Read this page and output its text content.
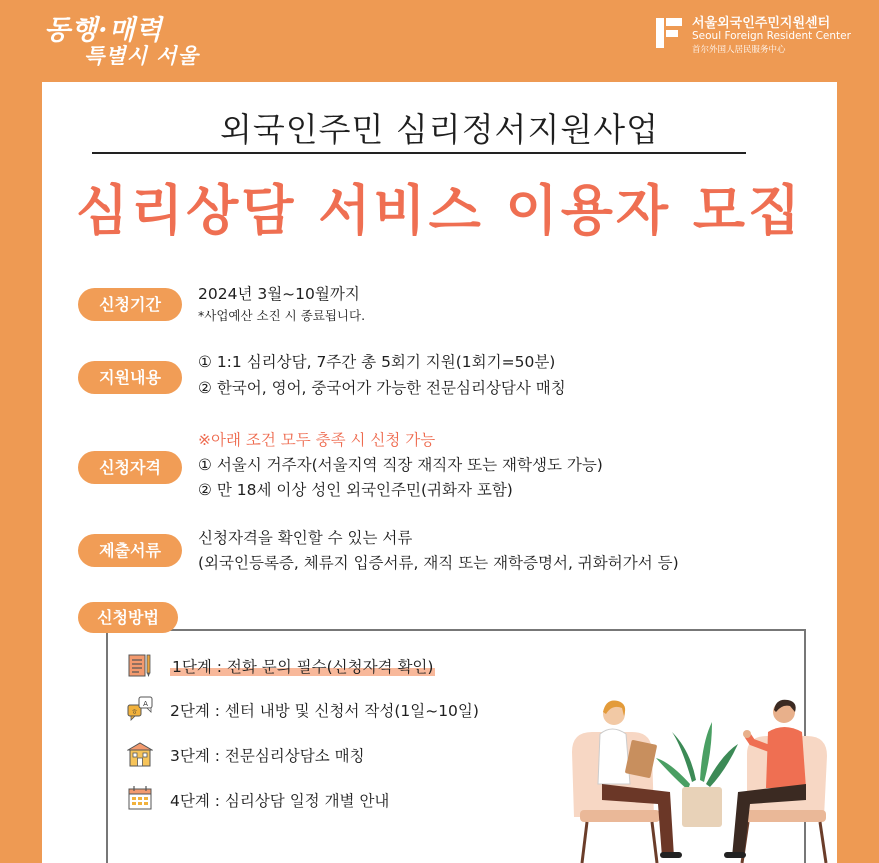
동행·매력
특별시 서울
서울외국인주민지원센터
Seoul Foreign Resident Center
首尔外国人居民服务中心
외국인주민 심리정서지원사업
심리상담 서비스 이용자 모집
신청기간
2024년 3월~10월까지
*사업예산 소진 시 종료됩니다.
지원내용
① 1:1 심리상담, 7주간 총 5회기 지원(1회기=50분)
② 한국어, 영어, 중국어가 가능한 전문심리상담사 매칭
신청자격
※아래 조건 모두 충족 시 신청 가능
① 서울시 거주자(서울지역 직장 재직자 또는 재학생도 가능)
② 만 18세 이상 성인 외국인주민(귀화자 포함)
제출서류
신청자격을 확인할 수 있는 서류
(외국인등록증, 체류지 입증서류, 재직 또는 재학증명서, 귀화허가서 등)
신청방법
1단계 : 전화 문의 필수(신청자격 확인)
ㅎ
A 2단계 : 센터 내방 및 신청서 작성(1일~10일)
3단계 : 전문심리상담소 매칭
4단계 : 심리상담 일정 개별 안내
